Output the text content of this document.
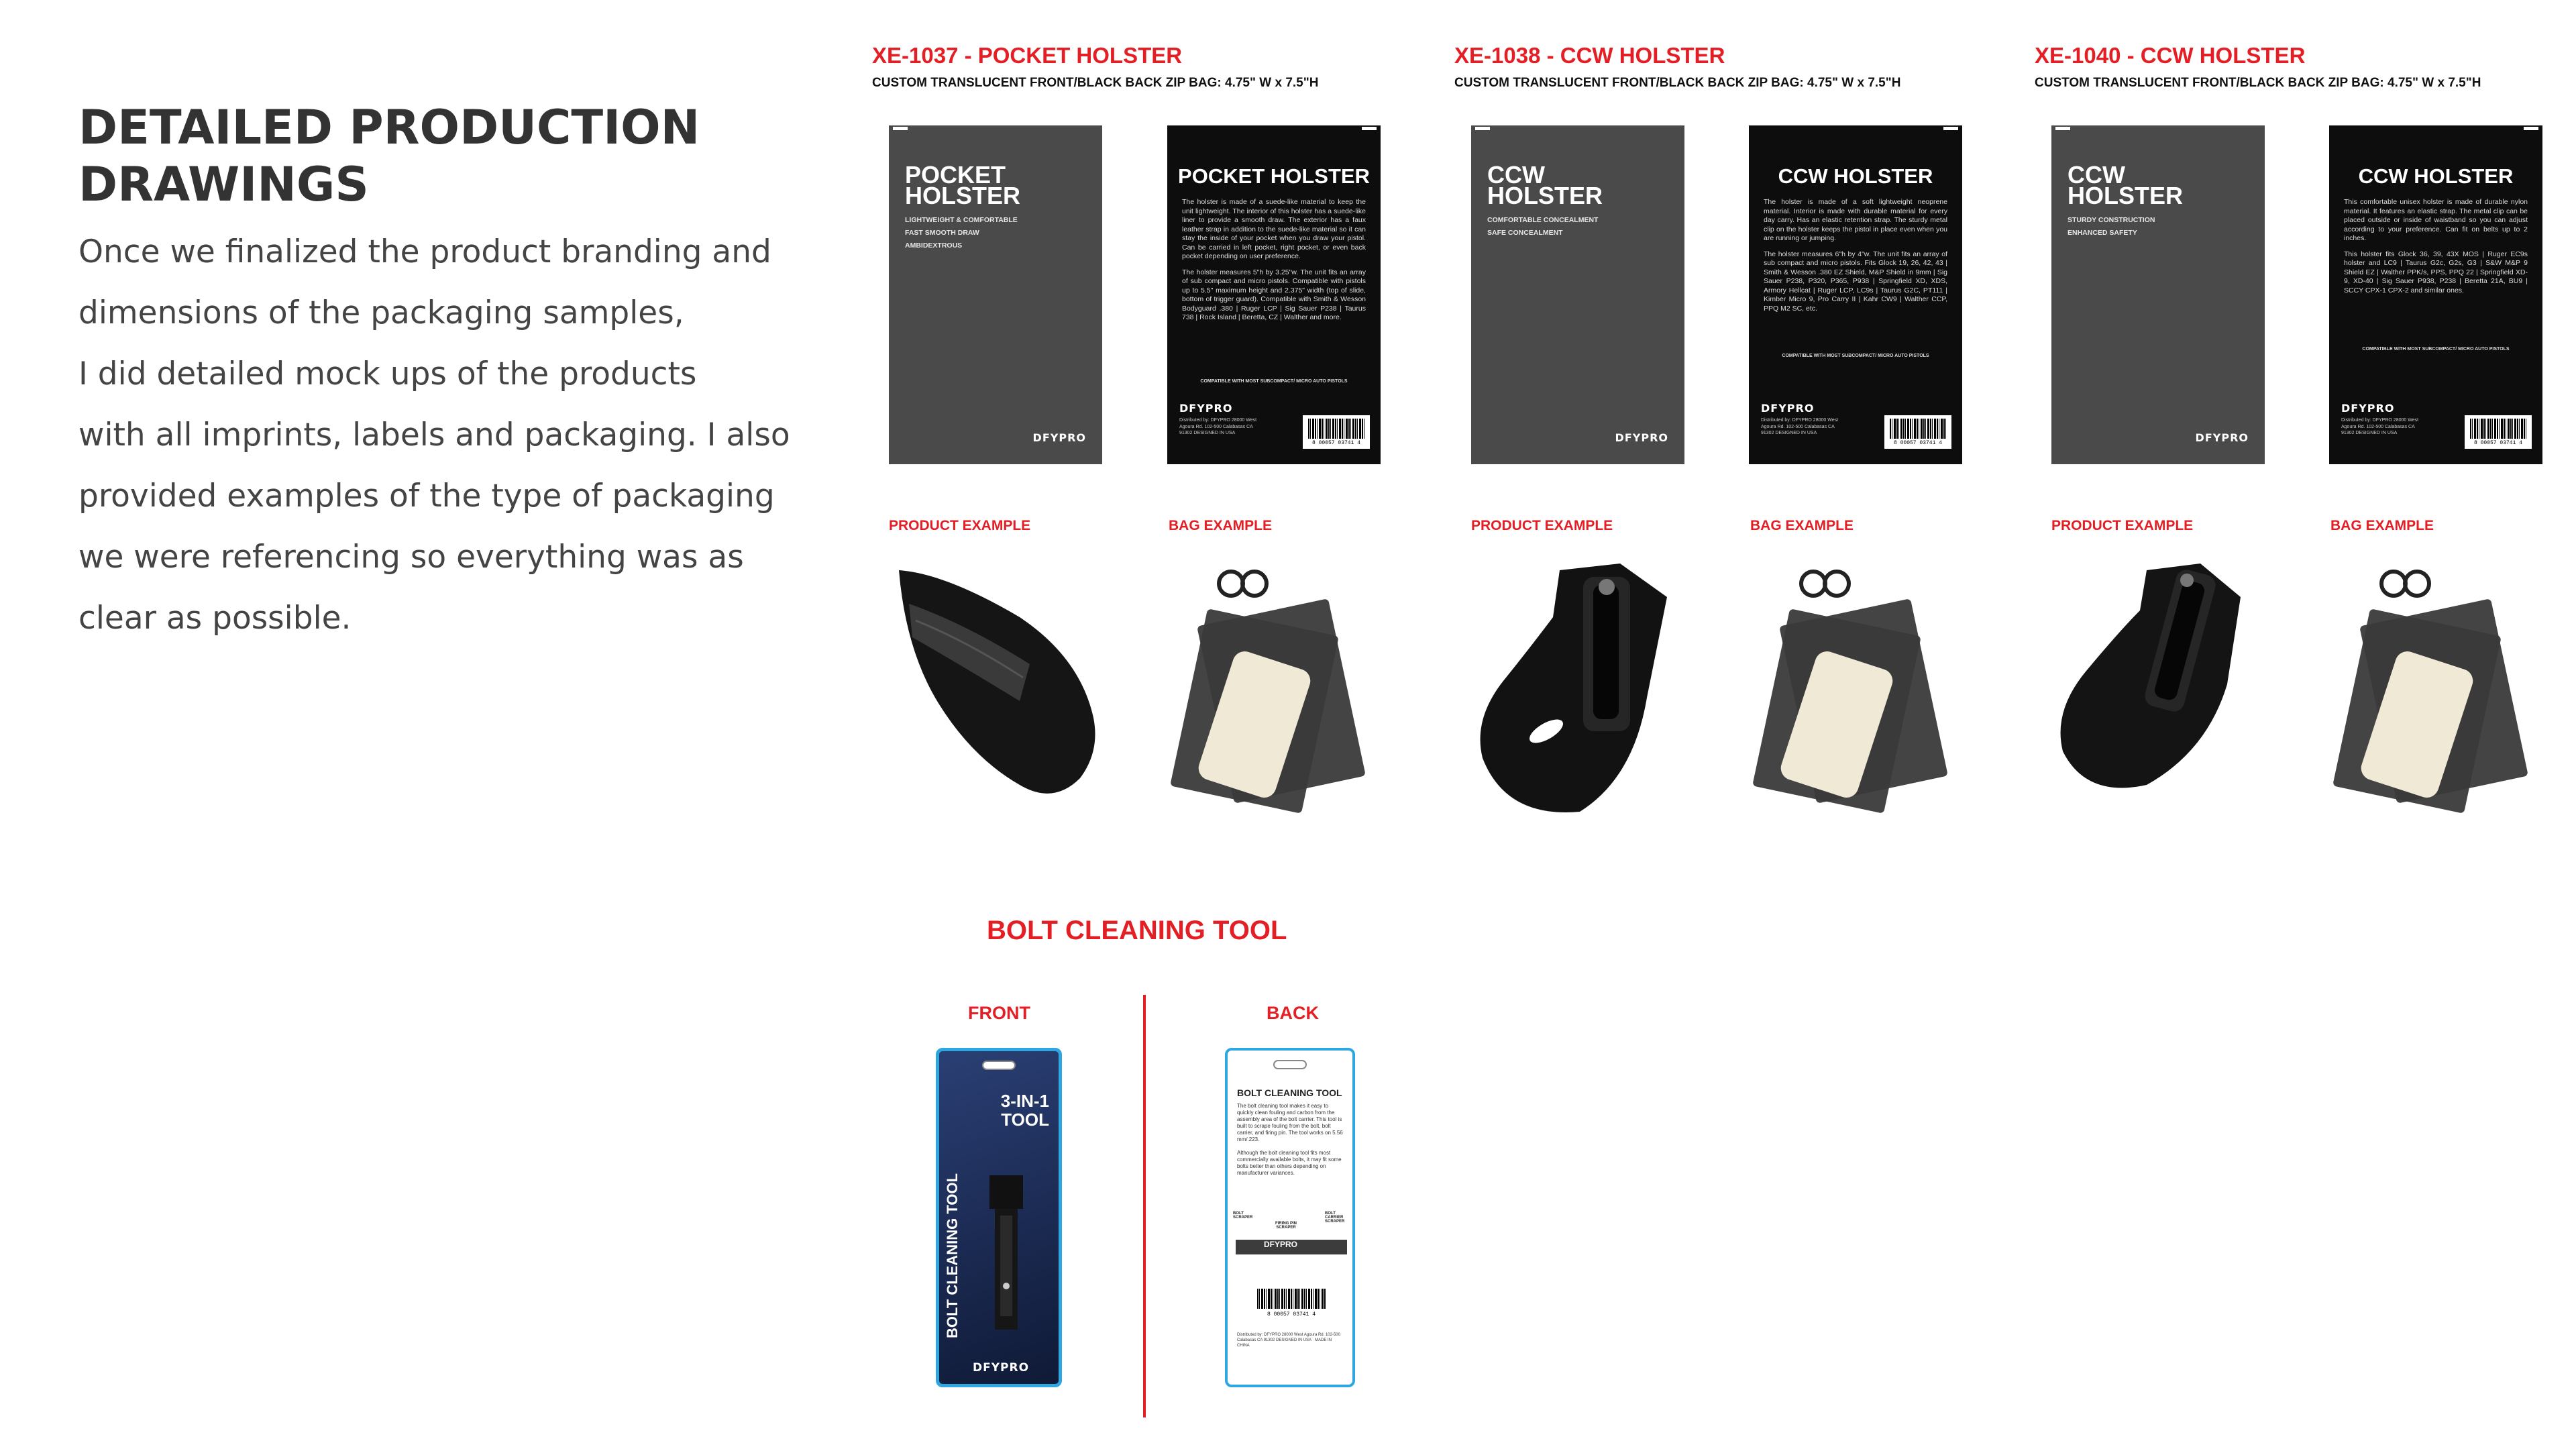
DETAILED PRODUCTION
DRAWINGS
Once we finalized the product branding and
dimensions of the packaging samples,
I did detailed mock ups of the products
with all imprints, labels and packaging. I also
provided examples of the type of packaging
we were referencing so everything was as
clear as possible.
XE-1037 - POCKET HOLSTER
CUSTOM TRANSLUCENT FRONT/BLACK BACK ZIP BAG: 4.75" W x 7.5"H
POCKET
HOLSTER
LIGHTWEIGHT & COMFORTABLE
FAST SMOOTH DRAW
AMBIDEXTROUS
DFYPRO
POCKET HOLSTER

The holster is made of a suede-like material to keep the unit lightweight. The interior of this holster has a suede-like liner to provide a smooth draw. The exterior has a faux leather strap in addition to the suede-like material so it can stay the inside of your pocket when you draw your pistol. Can be carried in left pocket, right pocket, or even back pocket depending on user preference.

The holster measures 5"h by 3.25"w. The unit fits an array of sub compact and micro pistols. Compatible with pistols up to 5.5" maximum height and 2.375" width (top of slide, bottom of trigger guard). Compatible with Smith & Wesson Bodyguard .380 | Ruger LCP | Sig Sauer P238 | Taurus 738 | Rock Island | Beretta, CZ | Walther and more.

COMPATIBLE WITH MOST SUBCOMPACT/ MICRO AUTO PISTOLS
DFYPRO
Distributed by: DFYPRO 28000 West Agoura Rd. 102-500 Calabasas CA 91302 DESIGNED IN USA
8 00057 03741 4
PRODUCT EXAMPLE	BAG EXAMPLE
XE-1038 - CCW HOLSTER
CUSTOM TRANSLUCENT FRONT/BLACK BACK ZIP BAG: 4.75" W x 7.5"H
CCW
HOLSTER
COMFORTABLE CONCEALMENT
SAFE CONCEALMENT
DFYPRO
CCW HOLSTER

The holster is made of a soft lightweight neoprene material. Interior is made with durable material for every day carry. Has an elastic retention strap. The sturdy metal clip on the holster keeps the pistol in place even when you are running or jumping.

The holster measures 6"h by 4"w. The unit fits an array of sub compact and micro pistols. Fits Glock 19, 26, 42, 43 | Smith & Wesson .380 EZ Shield, M&P Shield in 9mm | Sig Sauer P238, P320, P365, P938 | Springfield XD, XDS, Armory Hellcat | Ruger LCP, LC9s | Taurus G2C, PT111 | Kimber Micro 9, Pro Carry II | Kahr CW9 | Walther CCP, PPQ M2 SC, etc.

COMPATIBLE WITH MOST SUBCOMPACT/ MICRO AUTO PISTOLS
DFYPRO
Distributed by: DFYPRO 28000 West Agoura Rd. 102-500 Calabasas CA 91302 DESIGNED IN USA
8 00057 03741 4
PRODUCT EXAMPLE	BAG EXAMPLE
XE-1040 - CCW HOLSTER
CUSTOM TRANSLUCENT FRONT/BLACK BACK ZIP BAG: 4.75" W x 7.5"H
CCW
HOLSTER
STURDY CONSTRUCTION
ENHANCED SAFETY
DFYPRO
CCW HOLSTER

This comfortable unisex holster is made of durable nylon material. It features an elastic strap. The metal clip can be placed outside or inside of waistband so you can adjust according to your preference. Can fit on belts up to 2 inches.

This holster fits Glock 36, 39, 43X MOS | Ruger EC9s holster and LC9 | Taurus G2c, G2s, G3 | S&W M&P 9 Shield EZ | Walther PPK/s, PPS, PPQ 22 | Springfield XD-9, XD-40 | Sig Sauer P938, P238 | Beretta 21A, BU9 | SCCY CPX-1 CPX-2 and similar ones.

COMPATIBLE WITH MOST SUBCOMPACT/ MICRO AUTO PISTOLS
DFYPRO
Distributed by: DFYPRO 28000 West Agoura Rd. 102-500 Calabasas CA 91302 DESIGNED IN USA
8 00057 03741 4
PRODUCT EXAMPLE	BAG EXAMPLE
BOLT CLEANING TOOL
FRONT	BACK
3-IN-1
TOOL
BOLT CLEANING TOOL
DFYPRO
BOLT CLEANING TOOL

The bolt cleaning tool makes it easy to quickly clean fouling and carbon from the assembly area of the bolt carrier. This tool is built to scrape fouling from the bolt, bolt carrier, and firing pin. The tool works on 5.56 mm/.223.

Although the bolt cleaning tool fits most commercially available bolts, it may fit some bolts better than others depending on manufacturer variances.

BOLT SCRAPER
FIRING PIN SCRAPER
BOLT CARRIER SCRAPER
DFYPRO
8 00057 03741 4
Distributed by: DFYPRO 28000 West Agoura Rd. 102-500 Calabasas CA 91302 DESIGNED IN USA · MADE IN CHINA
